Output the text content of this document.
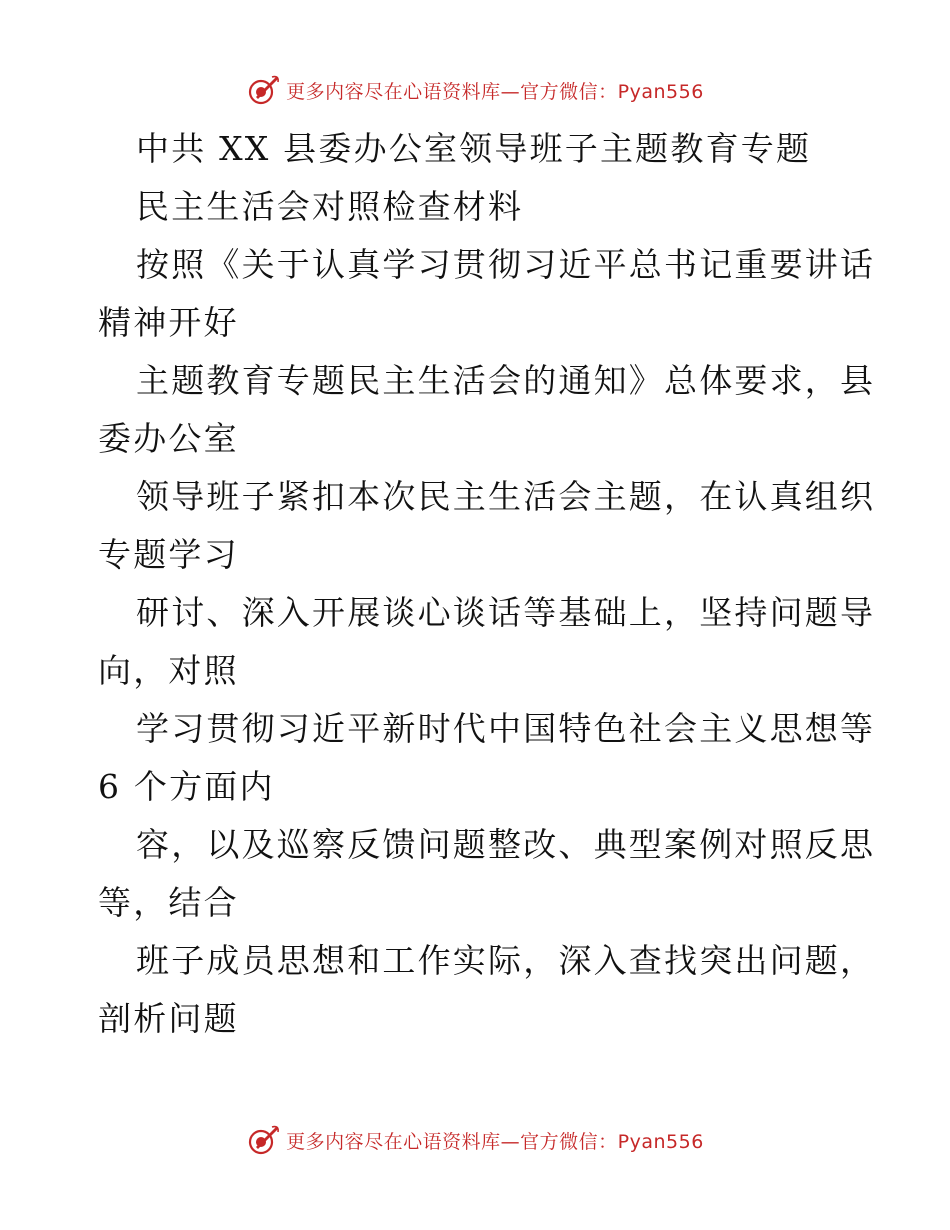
更多内容尽在心语资料库—官方微信：Pyan556
中共 XX 县委办公室领导班子主题教育专题
民主生活会对照检查材料
按照《关于认真学习贯彻习近平总书记重要讲话
精神开好
主题教育专题民主生活会的通知》总体要求，县
委办公室
领导班子紧扣本次民主生活会主题，在认真组织
专题学习
研讨、深入开展谈心谈话等基础上，坚持问题导
向，对照
学习贯彻习近平新时代中国特色社会主义思想等
6 个方面内
容，以及巡察反馈问题整改、典型案例对照反思
等，结合
班子成员思想和工作实际，深入查找突出问题，
剖析问题
更多内容尽在心语资料库—官方微信：Pyan556
